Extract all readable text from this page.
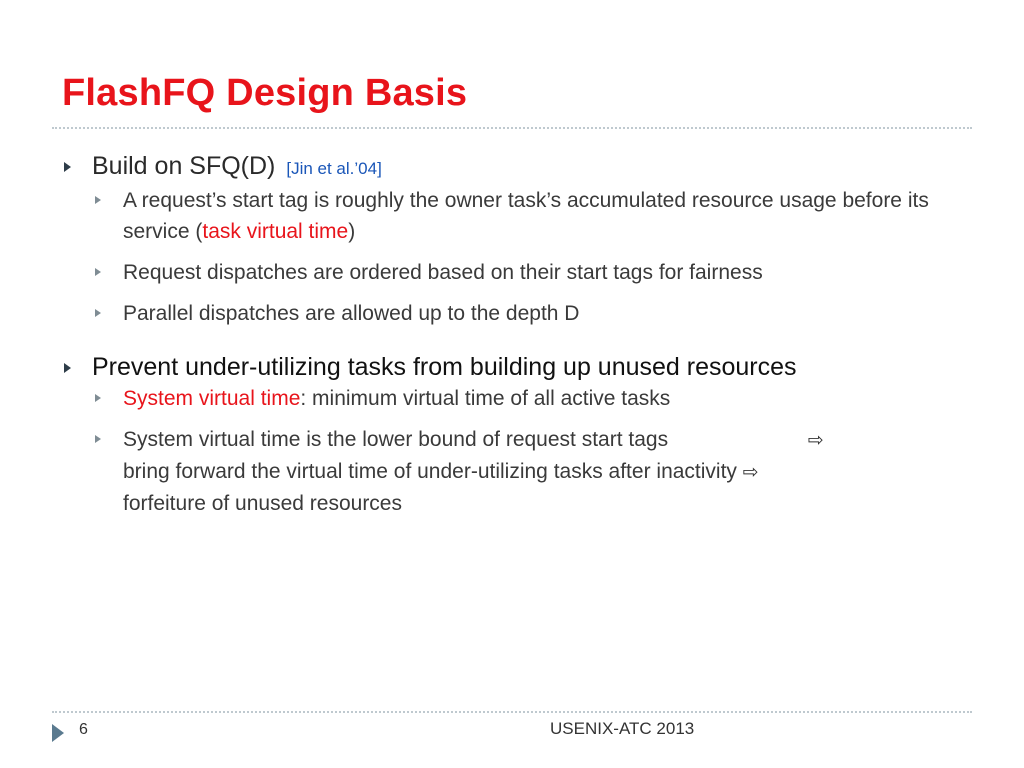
FlashFQ Design Basis
Build on SFQ(D) [Jin et al.’04]
A request’s start tag is roughly the owner task’s accumulated resource usage before its service (task virtual time)
Request dispatches are ordered based on their start tags for fairness
Parallel dispatches are allowed up to the depth D
Prevent under-utilizing tasks from building up unused resources
System virtual time: minimum virtual time of all active tasks
System virtual time is the lower bound of request start tags	⇨
bring forward the virtual time of under-utilizing tasks after inactivity ⇨
forfeiture of unused resources
6	USENIX-ATC 2013
